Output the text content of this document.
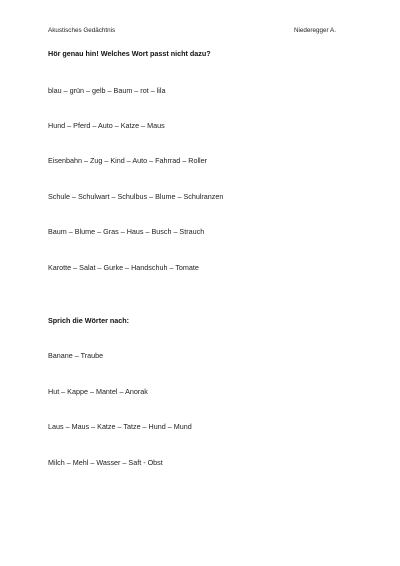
Akustisches Gedächtnis	Niederegger A.
Hör genau hin! Welches Wort passt nicht dazu?
blau – grün – gelb – Baum – rot – lila
Hund – Pferd – Auto – Katze – Maus
Eisenbahn – Zug – Kind – Auto – Fahrrad – Roller
Schule – Schulwart – Schulbus – Blume – Schulranzen
Baum – Blume – Gras – Haus – Busch – Strauch
Karotte – Salat – Gurke – Handschuh – Tomate
Sprich die Wörter nach:
Banane – Traube
Hut – Kappe – Mantel – Anorak
Laus – Maus – Katze – Tatze – Hund – Mund
Milch – Mehl – Wasser – Saft - Obst
